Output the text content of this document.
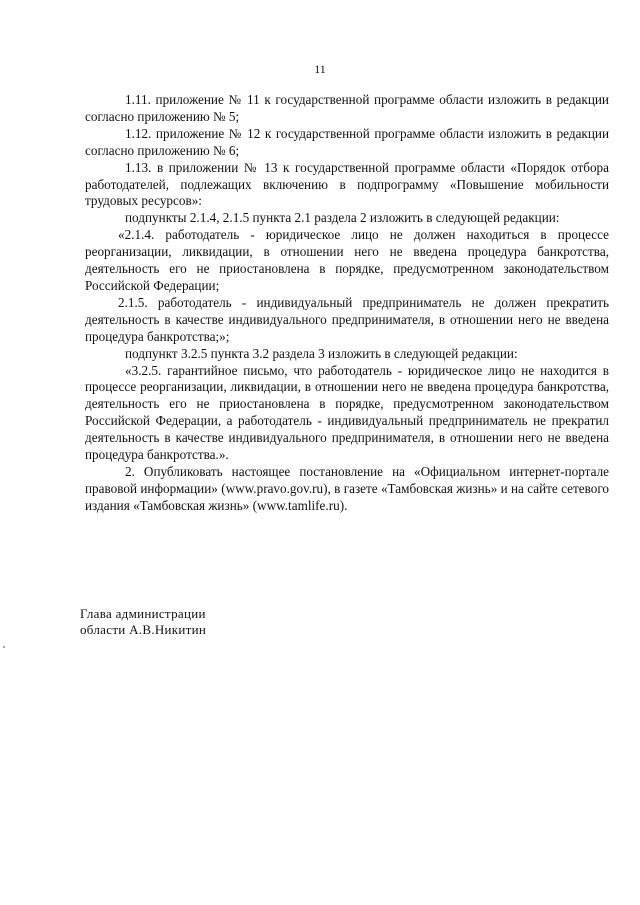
11

1.11. приложение № 11 к государственной программе области изложить в редакции согласно приложению № 5;

1.12. приложение № 12 к государственной программе области изложить в редакции согласно приложению № 6;

1.13. в приложении № 13 к государственной программе области «Порядок отбора работодателей, подлежащих включению в подпрограмму «Повышение мобильности трудовых ресурсов»:

подпункты 2.1.4, 2.1.5 пункта 2.1 раздела 2 изложить в следующей редакции:

«2.1.4. работодатель - юридическое лицо не должен находиться в процессе реорганизации, ликвидации, в отношении него не введена процедура банкротства, деятельность его не приостановлена в порядке, предусмотренном законодательством Российской Федерации;

2.1.5. работодатель - индивидуальный предприниматель не должен прекратить деятельность в качестве индивидуального предпринимателя, в отношении него не введена процедура банкротства;»;

подпункт 3.2.5 пункта 3.2 раздела 3 изложить в следующей редакции:

«3.2.5. гарантийное письмо, что работодатель - юридическое лицо не находится в процессе реорганизации, ликвидации, в отношении него не введена процедура банкротства, деятельность его не приостановлена в порядке, предусмотренном законодательством Российской Федерации, а работодатель - индивидуальный предприниматель не прекратил деятельность в качестве индивидуального предпринимателя, в отношении него не введена процедура банкротства.».

2. Опубликовать настоящее постановление на «Официальном интернет-портале правовой информации» (www.pravo.gov.ru), в газете «Тамбовская жизнь» и на сайте сетевого издания «Тамбовская жизнь» (www.tamlife.ru).

Глава администрации
области А.В.Никитин
